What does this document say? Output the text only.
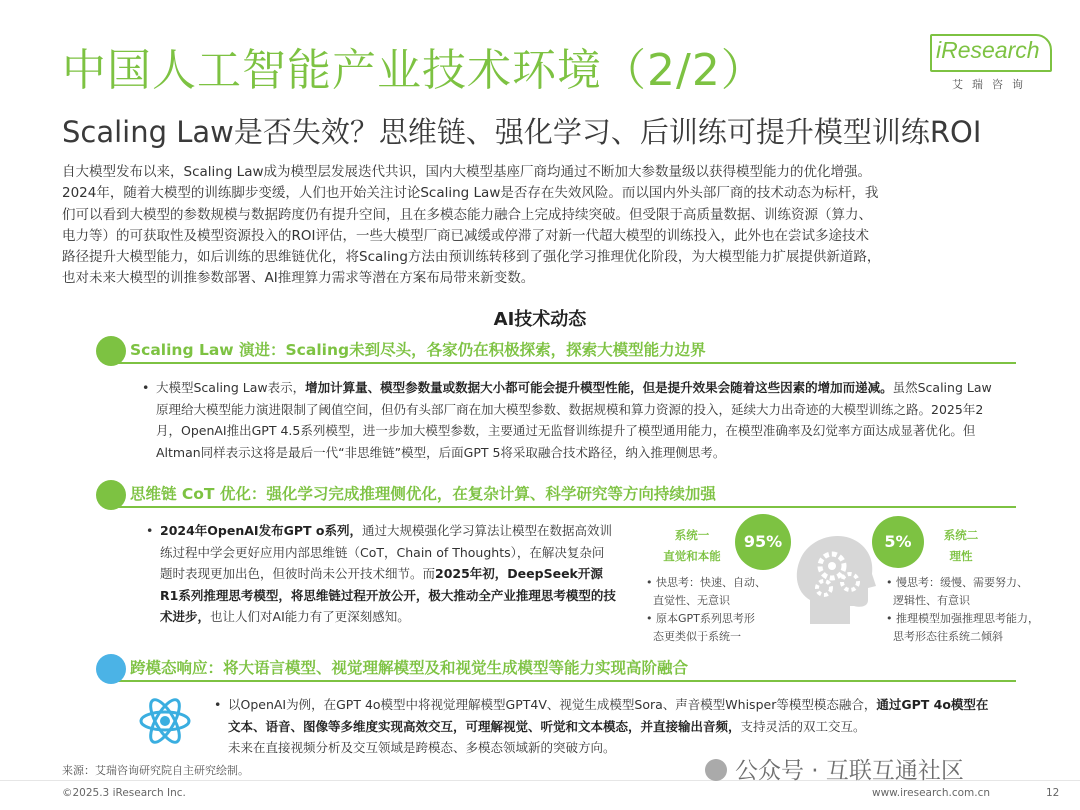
中国人工智能产业技术环境（2/2）
Scaling Law是否失效？思维链、强化学习、后训练可提升模型训练ROI
iResearch
艾瑞咨询

自大模型发布以来，Scaling Law成为模型层发展迭代共识，国内大模型基座厂商均通过不断加大参数量级以获得模型能力的优化增强。

2024年，随着大模型的训练脚步变缓，人们也开始关注讨论Scaling Law是否存在失效风险。而以国内外头部厂商的技术动态为标杆，我

们可以看到大模型的参数规模与数据跨度仍有提升空间，且在多模态能力融合上完成持续突破。但受限于高质量数据、训练资源（算力、

电力等）的可获取性及模型资源投入的ROI评估，一些大模型厂商已减缓或停滞了对新一代超大模型的训练投入，此外也在尝试多途技术

路径提升大模型能力，如后训练的思维链优化，将Scaling方法由预训练转移到了强化学习推理优化阶段，为大模型能力扩展提供新道路，

也对未来大模型的训推参数部署、AI推理算力需求等潜在方案布局带来新变数。

AI技术动态
Scaling Law 演进：Scaling未到尽头，各家仍在积极探索，探索大模型能力边界
• 大模型Scaling Law表示，增加计算量、模型参数量或数据大小都可能会提升模型性能，但是提升效果会随着这些因素的增加而递减。虽然Scaling Law原理给大模型能力演进限制了阈值空间，但仍有头部厂商在加大模型参数、数据规模和算力资源的投入，延续大力出奇迹的大模型训练之路。2025年2月，OpenAI推出GPT 4.5系列模型，进一步加大模型参数，主要通过无监督训练提升了模型通用能力，在模型准确率及幻觉率方面达成显著优化。但Altman同样表示这将是最后一代“非思维链”模型，后面GPT 5将采取融合技术路径，纳入推理侧思考。
思维链 CoT 优化：强化学习完成推理侧优化，在复杂计算、科学研究等方向持续加强
• 2024年OpenAI发布GPT o系列，通过大规模强化学习算法让模型在数据高效训练过程中学会更好应用内部思维链（CoT，Chain of Thoughts），在解决复杂问题时表现更加出色，但彼时尚未公开技术细节。而2025年初，DeepSeek开源R1系列推理思考模型，将思维链过程开放公开，极大推动全产业推理思考模型的技术进步，也让人们对AI能力有了更深刻感知。
系统一
直觉和本能
95%	5%	系统二
理性
• 快思考：快速、自动、
直觉性、无意识
• 原本GPT系列思考形
态更类似于系统一
• 慢思考：缓慢、需要努力、
逻辑性、有意识
• 推理模型加强推理思考能力，
思考形态往系统二倾斜
跨模态响应：将大语言模型、视觉理解模型及和视觉生成模型等能力实现高阶融合
• 以OpenAI为例，在GPT 4o模型中将视觉理解模型GPT4V、视觉生成模型Sora、声音模型Whisper等模型模态融合，通过GPT 4o模型在文本、语音、图像等多维度实现高效交互，可理解视觉、听觉和文本模态，并直接输出音频，支持灵活的双工交互。
未来在直接视频分析及交互领域是跨模态、多模态领域新的突破方向。
来源：艾瑞咨询研究院自主研究绘制。
©2025.3 iResearch Inc.	www.iresearch.com.cn	12
公众号 · 互联互通社区
